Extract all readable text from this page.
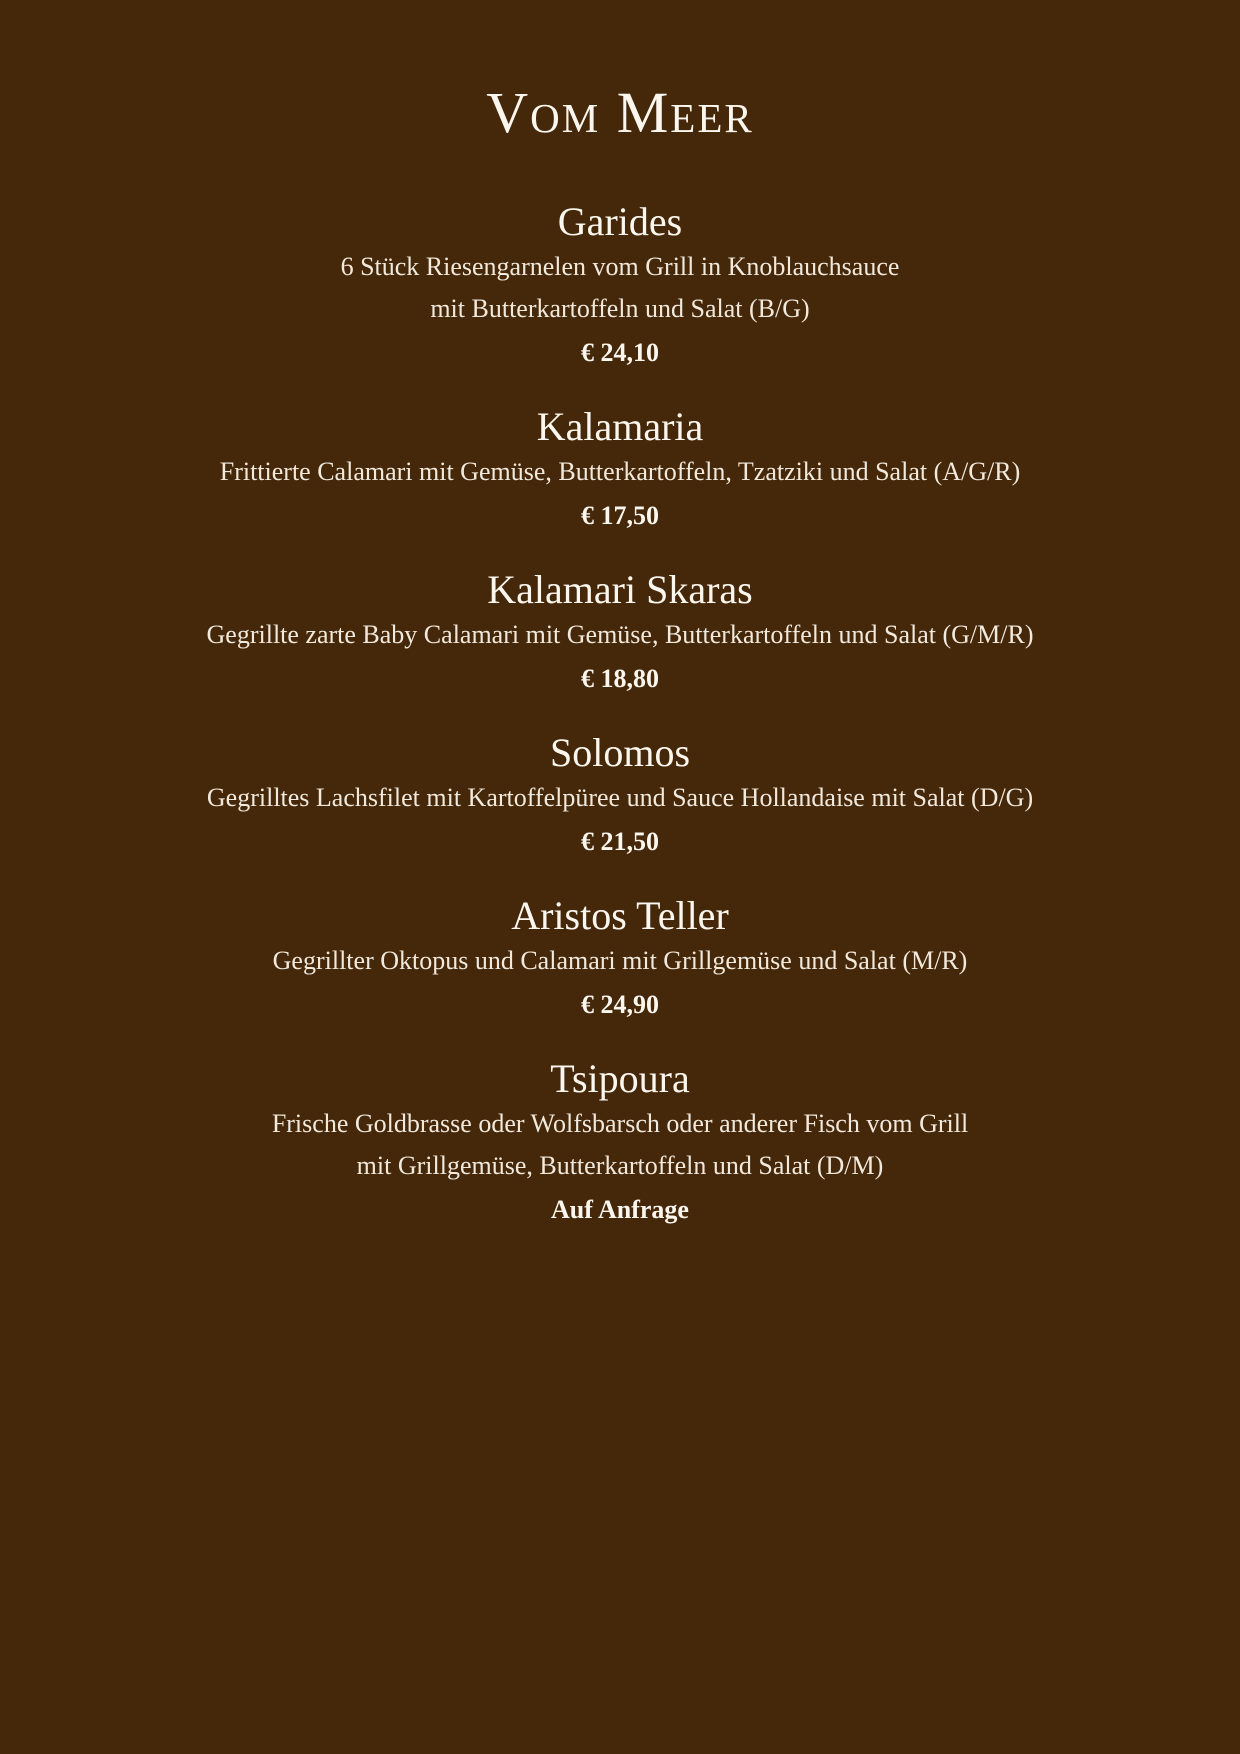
Vom Meer
Garides

6 Stück Riesengarnelen vom Grill in Knoblauchsauce

mit Butterkartoffeln und Salat (B/G)

€ 24,10

Kalamaria

Frittierte Calamari mit Gemüse, Butterkartoffeln, Tzatziki und Salat (A/G/R)

€ 17,50

Kalamari Skaras

Gegrillte zarte Baby Calamari mit Gemüse, Butterkartoffeln und Salat (G/M/R)

€ 18,80

Solomos

Gegrilltes Lachsfilet mit Kartoffelpüree und Sauce Hollandaise mit Salat (D/G)

€ 21,50

Aristos Teller

Gegrillter Oktopus und Calamari mit Grillgemüse und Salat (M/R)

€ 24,90

Tsipoura

Frische Goldbrasse oder Wolfsbarsch oder anderer Fisch vom Grill

mit Grillgemüse, Butterkartoffeln und Salat (D/M)

Auf Anfrage
